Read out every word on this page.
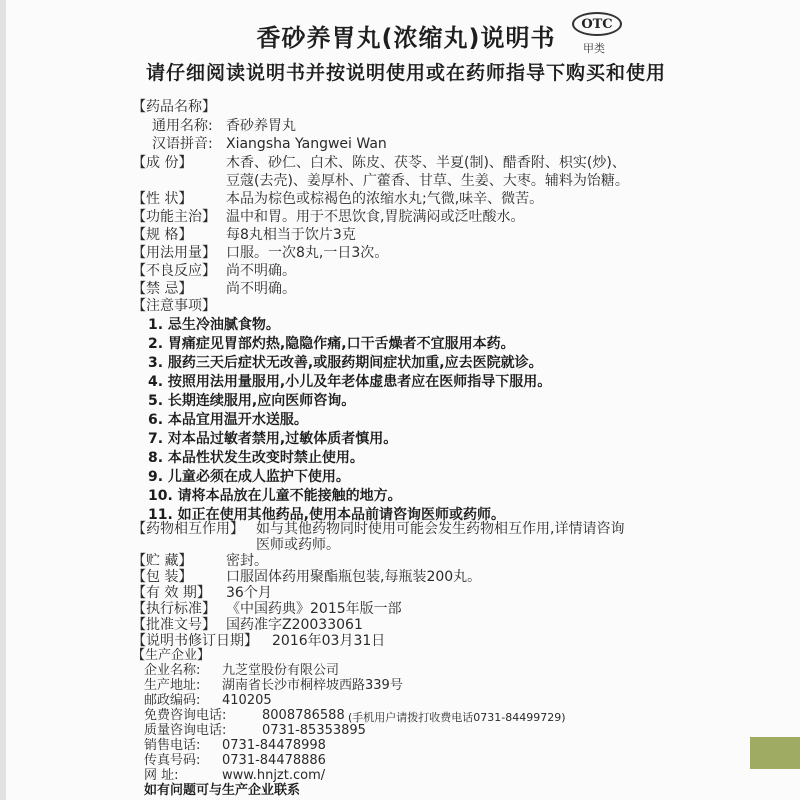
香砂养胃丸(浓缩丸)说明书	OTC
甲类
请仔细阅读说明书并按说明使用或在药师指导下购买和使用
【药品名称】
通用名称: 香砂养胃丸
汉语拼音: Xiangsha Yangwei Wan
【成 份】 木香、砂仁、白术、陈皮、茯苓、半夏(制)、醋香附、枳实(炒)、
豆蔻(去壳)、姜厚朴、广藿香、甘草、生姜、大枣。辅料为饴糖。
【性 状】 本品为棕色或棕褐色的浓缩水丸;气微,味辛、微苦。
【功能主治】 温中和胃。用于不思饮食,胃脘满闷或泛吐酸水。
【规 格】 每8丸相当于饮片3克
【用法用量】 口服。一次8丸,一日3次。
【不良反应】 尚不明确。
【禁 忌】 尚不明确。
【注意事项】
1. 忌生冷油腻食物。
2. 胃痛症见胃部灼热,隐隐作痛,口干舌燥者不宜服用本药。
3. 服药三天后症状无改善,或服药期间症状加重,应去医院就诊。
4. 按照用法用量服用,小儿及年老体虚患者应在医师指导下服用。
5. 长期连续服用,应向医师咨询。
6. 本品宜用温开水送服。
7. 对本品过敏者禁用,过敏体质者慎用。
8. 本品性状发生改变时禁止使用。
9. 儿童必须在成人监护下使用。
10. 请将本品放在儿童不能接触的地方。
11. 如正在使用其他药品,使用本品前请咨询医师或药师。
【药物相互作用】 如与其他药物同时使用可能会发生药物相互作用,详情请咨询
医师或药师。
【贮 藏】 密封。
【包 装】 口服固体药用聚酯瓶包装,每瓶装200丸。
【有 效 期】 36个月
【执行标准】 《中国药典》2015年版一部
【批准文号】 国药准字Z20033061
【说明书修订日期】 2016年03月31日
【生产企业】
企业名称: 九芝堂股份有限公司
生产地址: 湖南省长沙市桐梓坡西路339号
邮政编码: 410205
免费咨询电话:	8008786588 (手机用户请拨打收费电话0731-84499729)
质量咨询电话:	0731-85353895
销售电话: 0731-84478998
传真号码: 0731-84478886
网 址:	www.hnjzt.com/
如有问题可与生产企业联系
